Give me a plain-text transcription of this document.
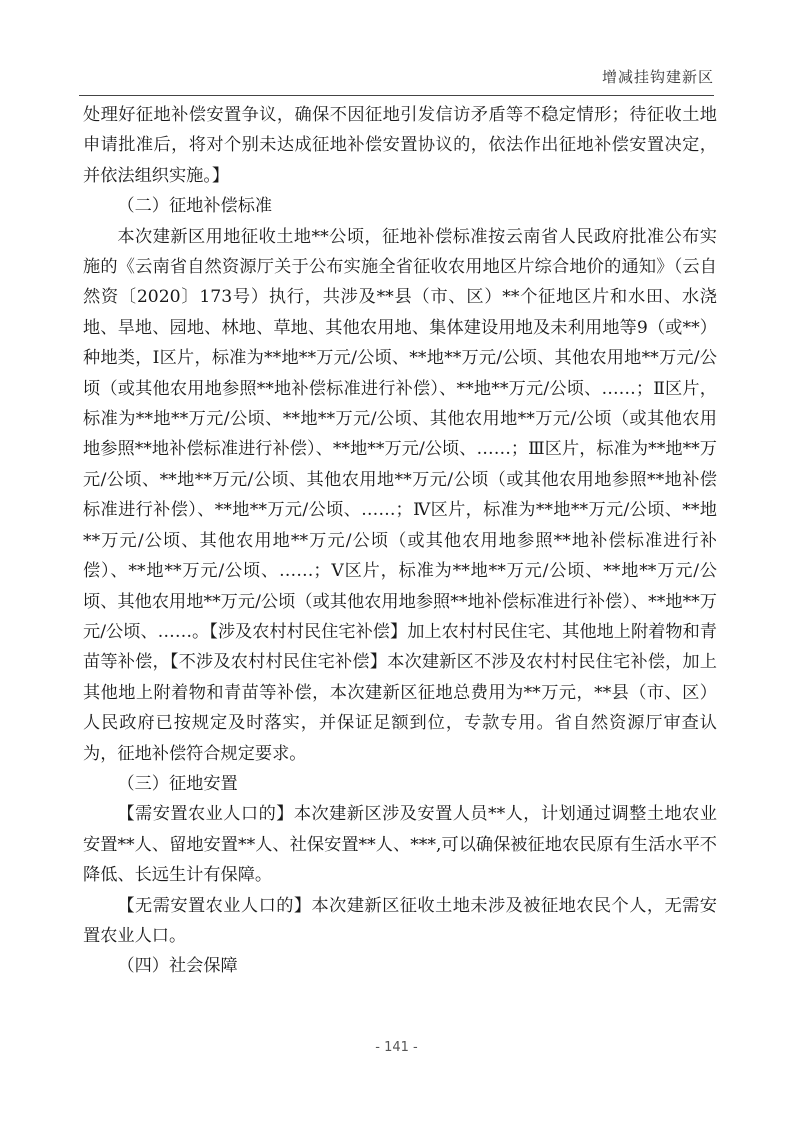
增减挂钩建新区

处理好征地补偿安置争议，确保不因征地引发信访矛盾等不稳定情形；待征收土地申请批准后，将对个别未达成征地补偿安置协议的，依法作出征地补偿安置决定，并依法组织实施。】

（二）征地补偿标准

本次建新区用地征收土地**公顷，征地补偿标准按云南省人民政府批准公布实施的《云南省自然资源厅关于公布实施全省征收农用地区片综合地价的通知》（云自然资〔2020〕173号）执行，共涉及**县（市、区）**个征地区片和水田、水浇地、旱地、园地、林地、草地、其他农用地、集体建设用地及未利用地等9（或**）种地类，Ⅰ区片，标准为**地**万元/公顷、**地**万元/公顷、其他农用地**万元/公顷（或其他农用地参照**地补偿标准进行补偿）、**地**万元/公顷、……；Ⅱ区片，标准为**地**万元/公顷、**地**万元/公顷、其他农用地**万元/公顷（或其他农用地参照**地补偿标准进行补偿）、**地**万元/公顷、……；Ⅲ区片，标准为**地**万元/公顷、**地**万元/公顷、其他农用地**万元/公顷（或其他农用地参照**地补偿标准进行补偿）、**地**万元/公顷、……；Ⅳ区片，标准为**地**万元/公顷、**地**万元/公顷、其他农用地**万元/公顷（或其他农用地参照**地补偿标准进行补偿）、**地**万元/公顷、……；Ⅴ区片，标准为**地**万元/公顷、**地**万元/公顷、其他农用地**万元/公顷（或其他农用地参照**地补偿标准进行补偿）、**地**万元/公顷、……。【涉及农村村民住宅补偿】加上农村村民住宅、其他地上附着物和青苗等补偿，【不涉及农村村民住宅补偿】本次建新区不涉及农村村民住宅补偿，加上其他地上附着物和青苗等补偿，本次建新区征地总费用为**万元，**县（市、区）人民政府已按规定及时落实，并保证足额到位，专款专用。省自然资源厅审查认为，征地补偿符合规定要求。

（三）征地安置

【需安置农业人口的】本次建新区涉及安置人员**人，计划通过调整土地农业安置**人、留地安置**人、社保安置**人、***,可以确保被征地农民原有生活水平不降低、长远生计有保障。

【无需安置农业人口的】本次建新区征收土地未涉及被征地农民个人，无需安置农业人口。

（四）社会保障

- 141 -
